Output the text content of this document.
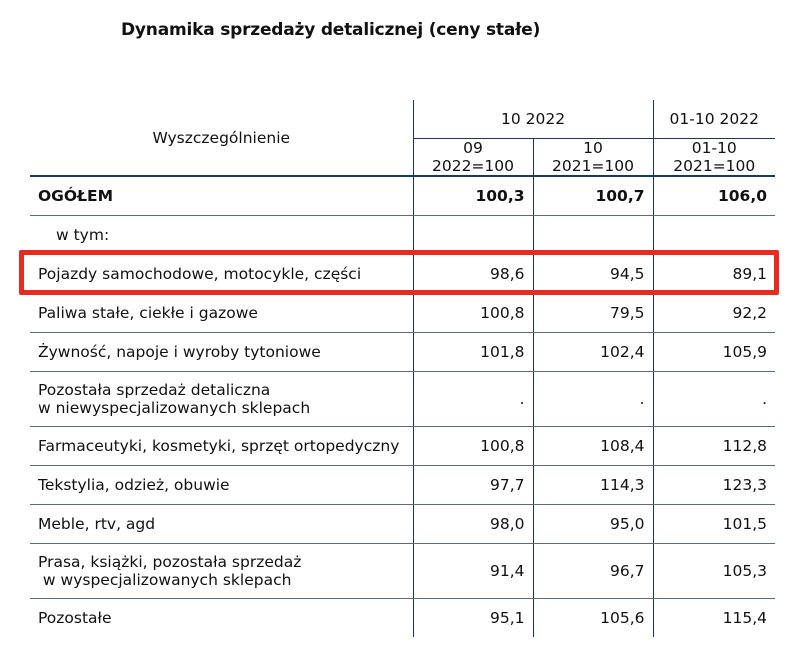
Dynamika sprzedaży detalicznej (ceny stałe)
Wyszczególnienie	10 2022		01-10 2022
	09 2022=100	10 2021=100	01-10 2021=100
OGÓŁEM	100,3	100,7	106,0
w tym:			
Pojazdy samochodowe, motocykle, części	98,6	94,5	89,1
Paliwa stałe, ciekłe i gazowe	100,8	79,5	92,2
Żywność, napoje i wyroby tytoniowe	101,8	102,4	105,9

Pozostała sprzedaż detaliczna
w niewyspecjalizowanych sklepach	.	.	.
Farmaceutyki, kosmetyki, sprzęt ortopedyczny	100,8	108,4	112,8
Tekstylia, odzież, obuwie	97,7	114,3	123,3
Meble, rtv, agd	98,0	95,0	101,5

Prasa, książki, pozostała sprzedaż
w wyspecjalizowanych sklepach	91,4	96,7	105,3
Pozostałe	95,1	105,6	115,4
